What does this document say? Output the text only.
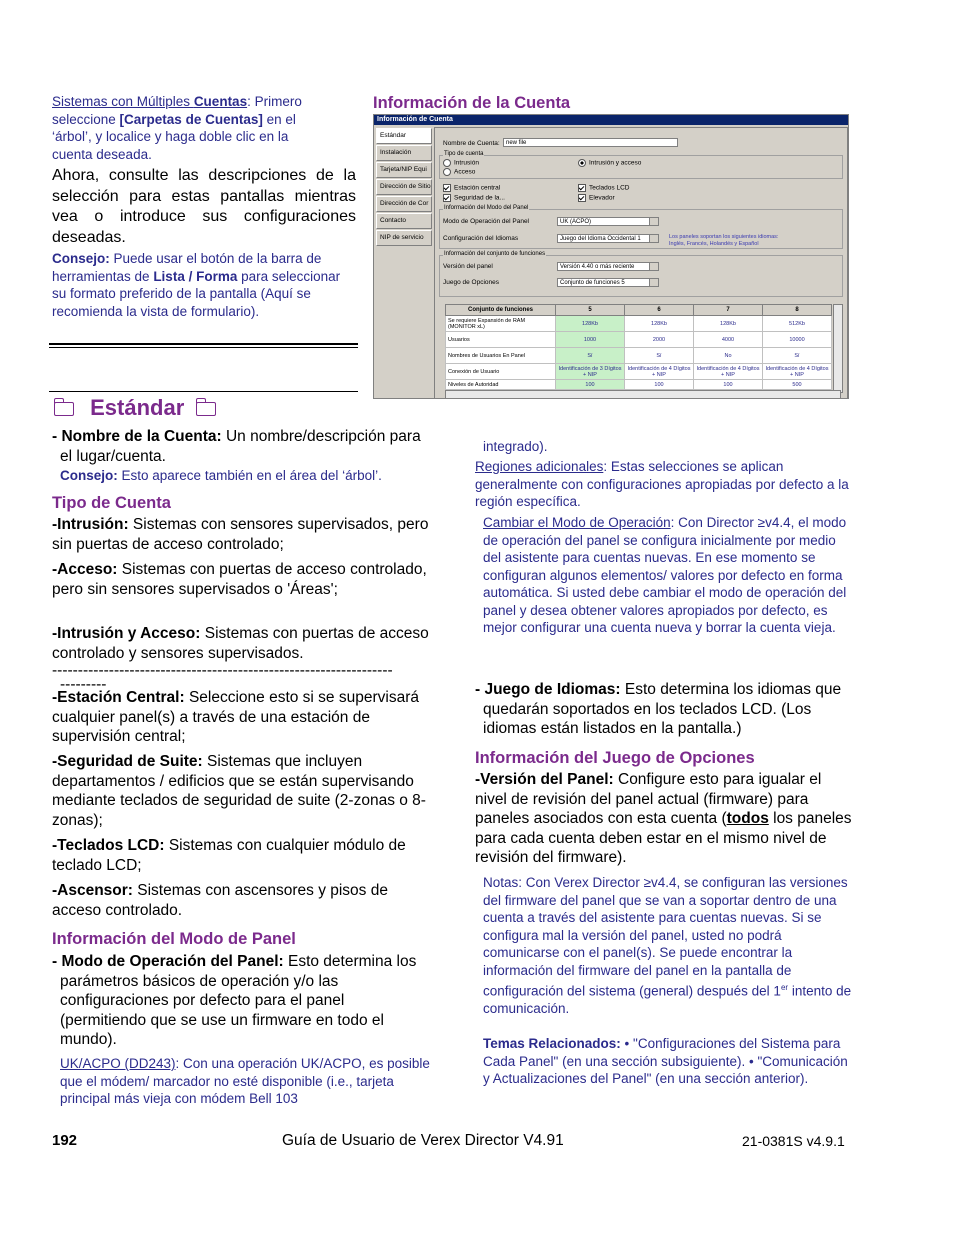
Sistemas con Múltiples Cuentas: Primero
seleccione [Carpetas de Cuentas] en el
‘árbol’, y localice y haga doble clic en la
cuenta deseada.

Ahora, consulte las descripciones de la selección para estas pantallas mientras vea o introduce sus configuraciones deseadas.

Consejo: Puede usar el botón de la barra de herramientas de Lista / Forma para seleccionar su formato preferido de la pantalla (Aquí se recomienda la vista de formulario).

Información de la Cuenta
Información de Cuenta
Estándar
Instalación
Tarjeta/NIP Equi
Dirección de Sitio
Dirección de Cor
Contacto
NIP de servicio
Nombre de Cuenta:	new file
Tipo de cuenta
Intrusión	Intrusión y acceso
Acceso
Estación central	Teclados LCD
Seguridad de la...	Elevador
Información del Modo del Panel
Modo de Operación del Panel	UK (ACPO)
Configuración del Idiomas	Juego del Idioma Occidental 1	Los paneles soportan los siguientes idiomas:
Inglés, Francés, Holandés y Español
Información del conjunto de funciones
Versión del panel	Versión 4.40 o más reciente
Juego de Opciones	Conjunto de funciones 5
Conjunto de funciones	5	6	7	8
Se requiere Expansión de RAM (MONITOR xL)	128Kb	128Kb	128Kb	512Kb
Usuarios	1000	2000	4000	10000
Nombres de Usuarios En Panel	Sí	Sí	No	Sí
Conexión de Usuario	Identificación de 3 Dígitos + NIP	Identificación de 4 Dígitos + NIP	Identificación de 4 Dígitos + NIP	Identificación de 4 Dígitos + NIP
Niveles de Autoridad	100	100	100	500
Estándar
- Nombre de la Cuenta: Un nombre/descripción para el lugar/cuenta.

Consejo: Esto aparece también en el área del ‘árbol’.

Tipo de Cuenta

-Intrusión: Sistemas con sensores supervisados, pero sin puertas de acceso controlado;

-Acceso: Sistemas con puertas de acceso controlado, pero sin sensores supervisados o 'Áreas';

-Intrusión y Acceso: Sistemas con puertas de acceso controlado y sensores supervisados.

------------------------------------------------------------------
---------

-Estación Central: Seleccione esto si se supervisará cualquier panel(s) a través de una estación de supervisión central;

-Seguridad de Suite: Sistemas que incluyen departamentos / edificios que se están supervisando mediante teclados de seguridad de suite (2-zonas o 8-zonas);

-Teclados LCD: Sistemas con cualquier módulo de teclado LCD;

-Ascensor: Sistemas con ascensores y pisos de acceso controlado.

Información del Modo de Panel
- Modo de Operación del Panel: Esto determina los parámetros básicos de operación y/o las configuraciones por defecto para el panel (permitiendo que se use un firmware en todo el mundo).

UK/ACPO (DD243): Con una operación UK/ACPO, es posible que el módem/ marcador no esté disponible (i.e., tarjeta principal más vieja con módem Bell 103

integrado).

Regiones adicionales: Estas selecciones se aplican generalmente con configuraciones apropiadas por defecto a la región específica.

Cambiar el Modo de Operación: Con Director ≥v4.4, el modo de operación del panel se configura inicialmente por medio del asistente para cuentas nuevas. En ese momento se configuran algunos elementos/ valores por defecto en forma automática. Si usted debe cambiar el modo de operación del panel y desea obtener valores apropiados por defecto, es mejor configurar una cuenta nueva y borrar la cuenta vieja.

- Juego de Idiomas: Esto determina los idiomas que quedarán soportados en los teclados LCD. (Los idiomas están listados en la pantalla.)
Información del Juego de Opciones

-Versión del Panel: Configure esto para igualar el nivel de revisión del panel actual (firmware) para paneles asociados con esta cuenta (todos los paneles para cada cuenta deben estar en el mismo nivel de revisión del firmware).

Notas: Con Verex Director ≥v4.4, se configuran las versiones del firmware del panel que se van a soportar dentro de una cuenta a través del asistente para cuentas nuevas. Si se configura mal la versión del panel, usted no podrá comunicarse con el panel(s). Se puede encontrar la información del firmware del panel en la pantalla de configuración del sistema (general) después del 1er intento de comunicación.

Temas Relacionados: • "Configuraciones del Sistema para Cada Panel" (en una sección subsiguiente). • "Comunicación y Actualizaciones del Panel" (en una sección anterior).

192	Guía de Usuario de Verex Director V4.91	21-0381S v4.9.1
